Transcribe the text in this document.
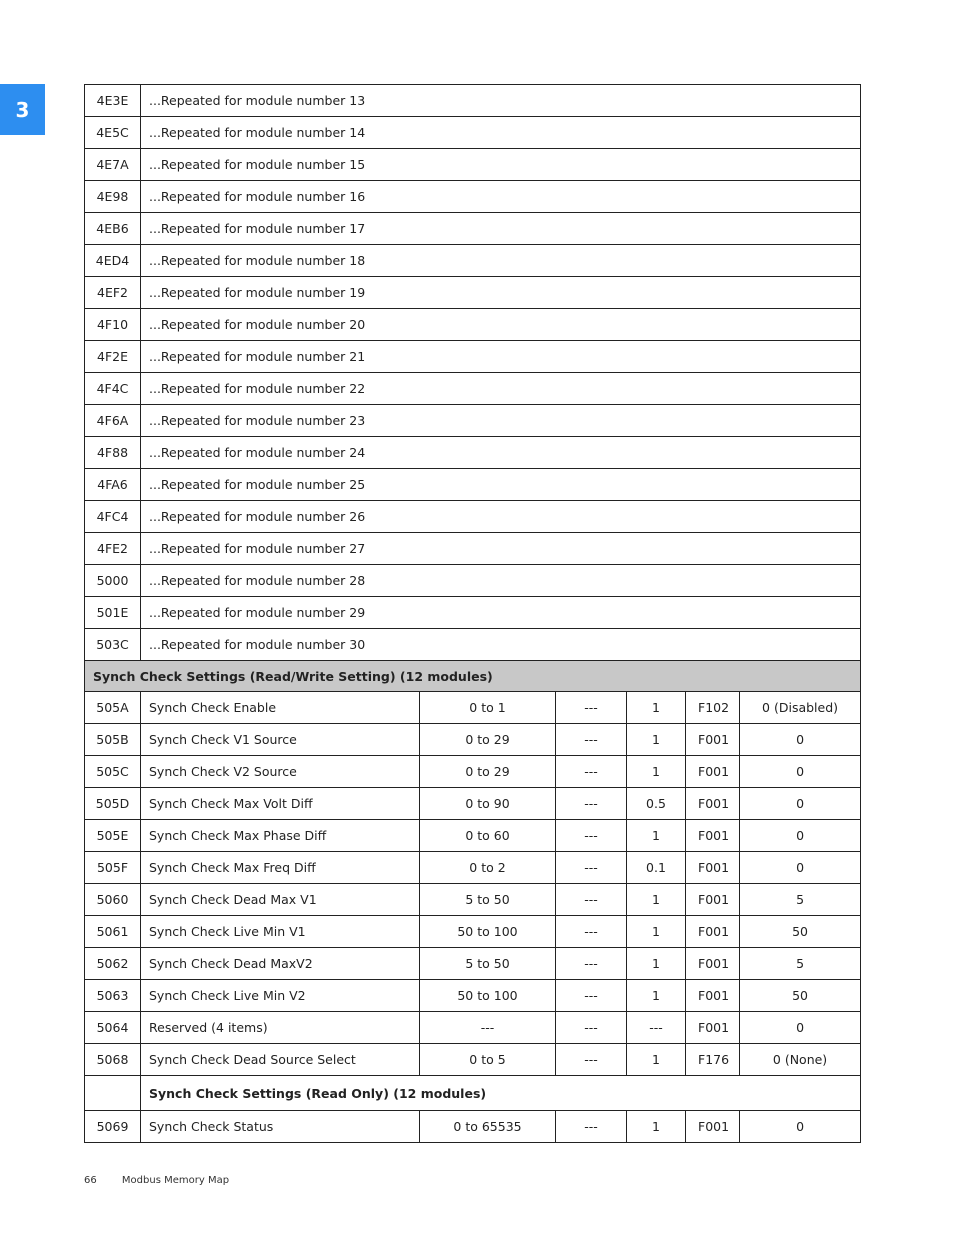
3	4E3E	...Repeated for module number 13					
4E5C	...Repeated for module number 14					
4E7A	...Repeated for module number 15					
4E98	...Repeated for module number 16					
4EB6	...Repeated for module number 17					
4ED4	...Repeated for module number 18					
4EF2	...Repeated for module number 19					
4F10	...Repeated for module number 20					
4F2E	...Repeated for module number 21					
4F4C	...Repeated for module number 22					
4F6A	...Repeated for module number 23					
4F88	...Repeated for module number 24					
4FA6	...Repeated for module number 25					
4FC4	...Repeated for module number 26					
4FE2	...Repeated for module number 27					
5000	...Repeated for module number 28					
501E	...Repeated for module number 29					
503C	...Repeated for module number 30					
Synch Check Settings (Read/Write Setting) (12 modules)						
505A	Synch Check Enable	0 to 1	---	1	F102	0 (Disabled)
505B	Synch Check V1 Source	0 to 29	---	1	F001	0
505C	Synch Check V2 Source	0 to 29	---	1	F001	0
505D	Synch Check Max Volt Diff	0 to 90	---	0.5	F001	0
505E	Synch Check Max Phase Diff	0 to 60	---	1	F001	0
505F	Synch Check Max Freq Diff	0 to 2	---	0.1	F001	0
5060	Synch Check Dead Max V1	5 to 50	---	1	F001	5
5061	Synch Check Live Min V1	50 to 100	---	1	F001	50
5062	Synch Check Dead MaxV2	5 to 50	---	1	F001	5
5063	Synch Check Live Min V2	50 to 100	---	1	F001	50
5064	Reserved (4 items)	---	---	---	F001	0
5068	Synch Check Dead Source Select	0 to 5	---	1	F176	0 (None)
	Synch Check Settings (Read Only) (12 modules)					
5069	Synch Check Status	0 to 65535	---	1	F001	0
66	Modbus Memory Map
